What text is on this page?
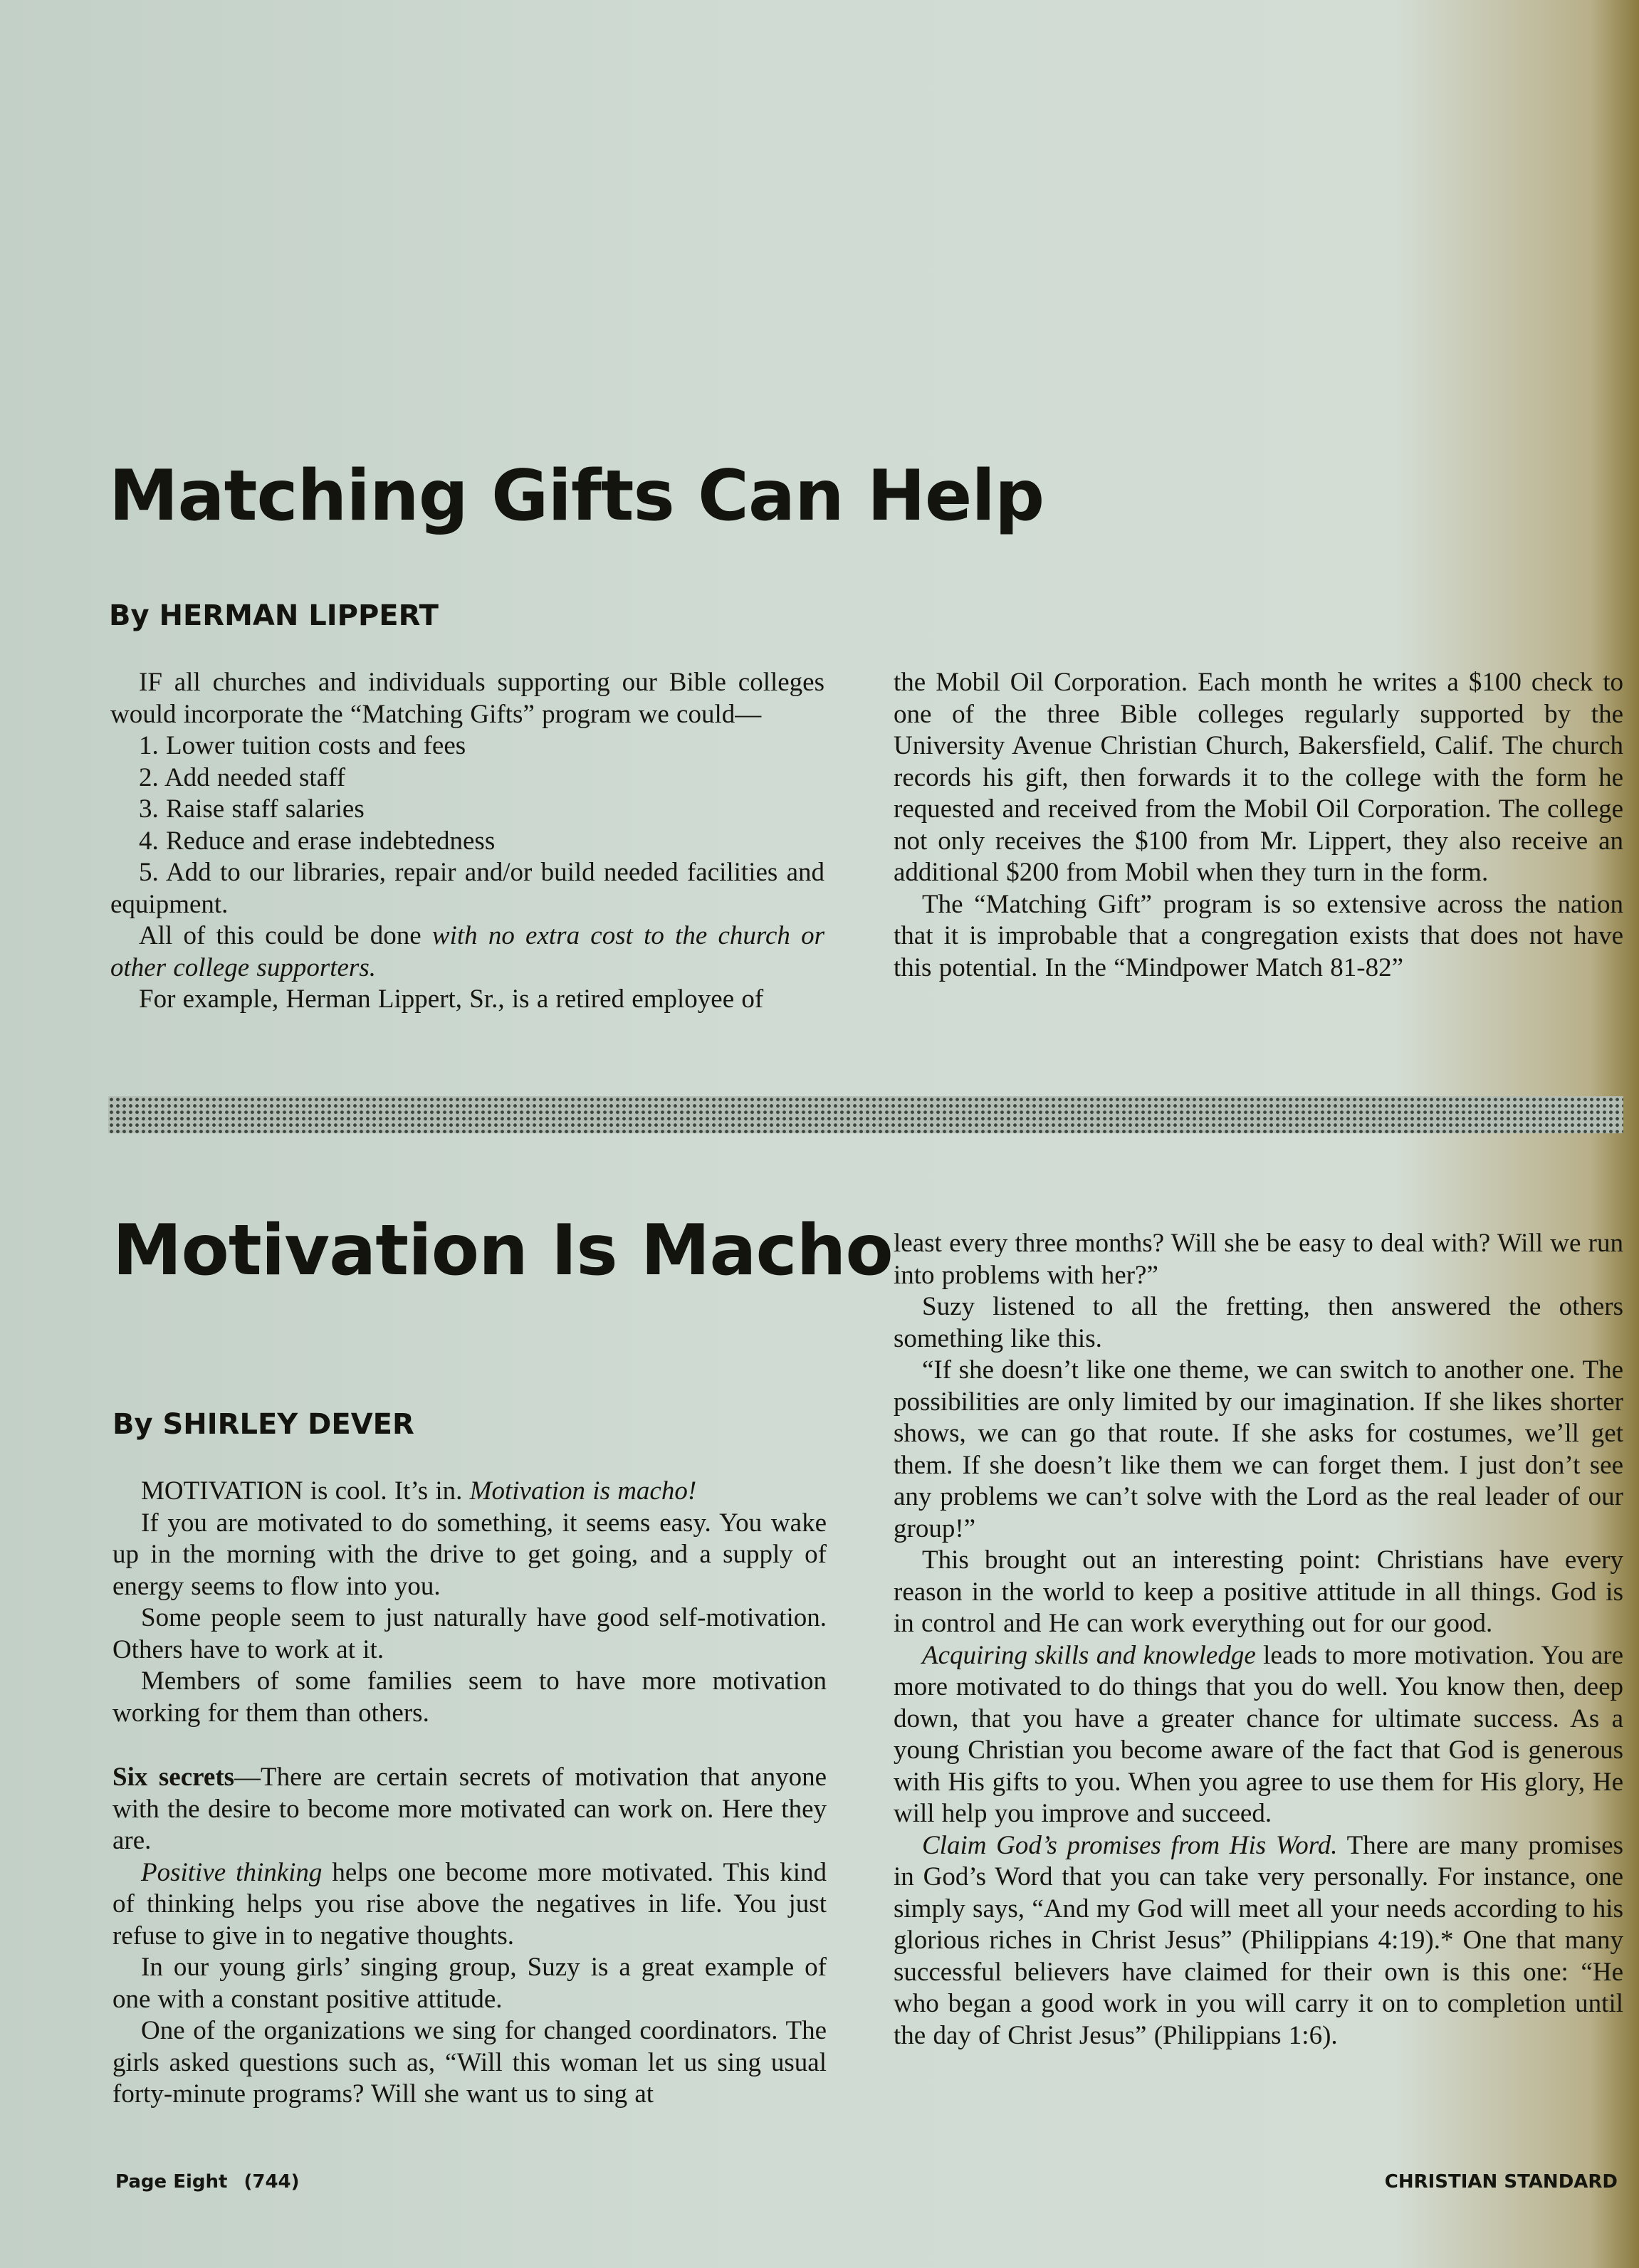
Matching Gifts Can Help
By HERMAN LIPPERT

IF all churches and individuals supporting our Bible colleges would incorporate the “Matching Gifts” program we could—

1. Lower tuition costs and fees
2. Add needed staff
3. Raise staff salaries
4. Reduce and erase indebtedness
5. Add to our libraries, repair and/or build needed facilities and equipment.

All of this could be done with no extra cost to the church or other college supporters.

For example, Herman Lippert, Sr., is a retired employee of

the Mobil Oil Corporation. Each month he writes a $100 check to one of the three Bible colleges regularly supported by the University Avenue Christian Church, Bakersfield, Calif. The church records his gift, then forwards it to the college with the form he requested and received from the Mobil Oil Corporation. The college not only receives the $100 from Mr. Lippert, they also receive an additional $200 from Mobil when they turn in the form.

The “Matching Gift” program is so extensive across the nation that it is improbable that a congregation exists that does not have this potential. In the “Mindpower Match 81-82”

Motivation Is Macho
By SHIRLEY DEVER

MOTIVATION is cool. It’s in. Motivation is macho!

If you are motivated to do something, it seems easy. You wake up in the morning with the drive to get going, and a supply of energy seems to flow into you.

Some people seem to just naturally have good self-motivation. Others have to work at it.

Members of some families seem to have more motivation working for them than others.

Six secrets—There are certain secrets of motivation that anyone with the desire to become more motivated can work on. Here they are.

Positive thinking helps one become more motivated. This kind of thinking helps you rise above the negatives in life. You just refuse to give in to negative thoughts.

In our young girls’ singing group, Suzy is a great example of one with a constant positive attitude.

One of the organizations we sing for changed coordinators. The girls asked questions such as, “Will this woman let us sing usual forty-minute programs? Will she want us to sing at

least every three months? Will she be easy to deal with? Will we run into problems with her?”

Suzy listened to all the fretting, then answered the others something like this.

“If she doesn’t like one theme, we can switch to another one. The possibilities are only limited by our imagination. If she likes shorter shows, we can go that route. If she asks for costumes, we’ll get them. If she doesn’t like them we can forget them. I just don’t see any problems we can’t solve with the Lord as the real leader of our group!”

This brought out an interesting point: Christians have every reason in the world to keep a positive attitude in all things. God is in control and He can work everything out for our good.

Acquiring skills and knowledge leads to more motivation. You are more motivated to do things that you do well. You know then, deep down, that you have a greater chance for ultimate success. As a young Christian you become aware of the fact that God is generous with His gifts to you. When you agree to use them for His glory, He will help you improve and succeed.

Claim God’s promises from His Word. There are many promises in God’s Word that you can take very personally. For instance, one simply says, “And my God will meet all your needs according to his glorious riches in Christ Jesus” (Philippians 4:19).* One that many successful believers have claimed for their own is this one: “He who began a good work in you will carry it on to completion until the day of Christ Jesus” (Philippians 1:6).

Page Eight (744)	CHRISTIAN STANDARD
